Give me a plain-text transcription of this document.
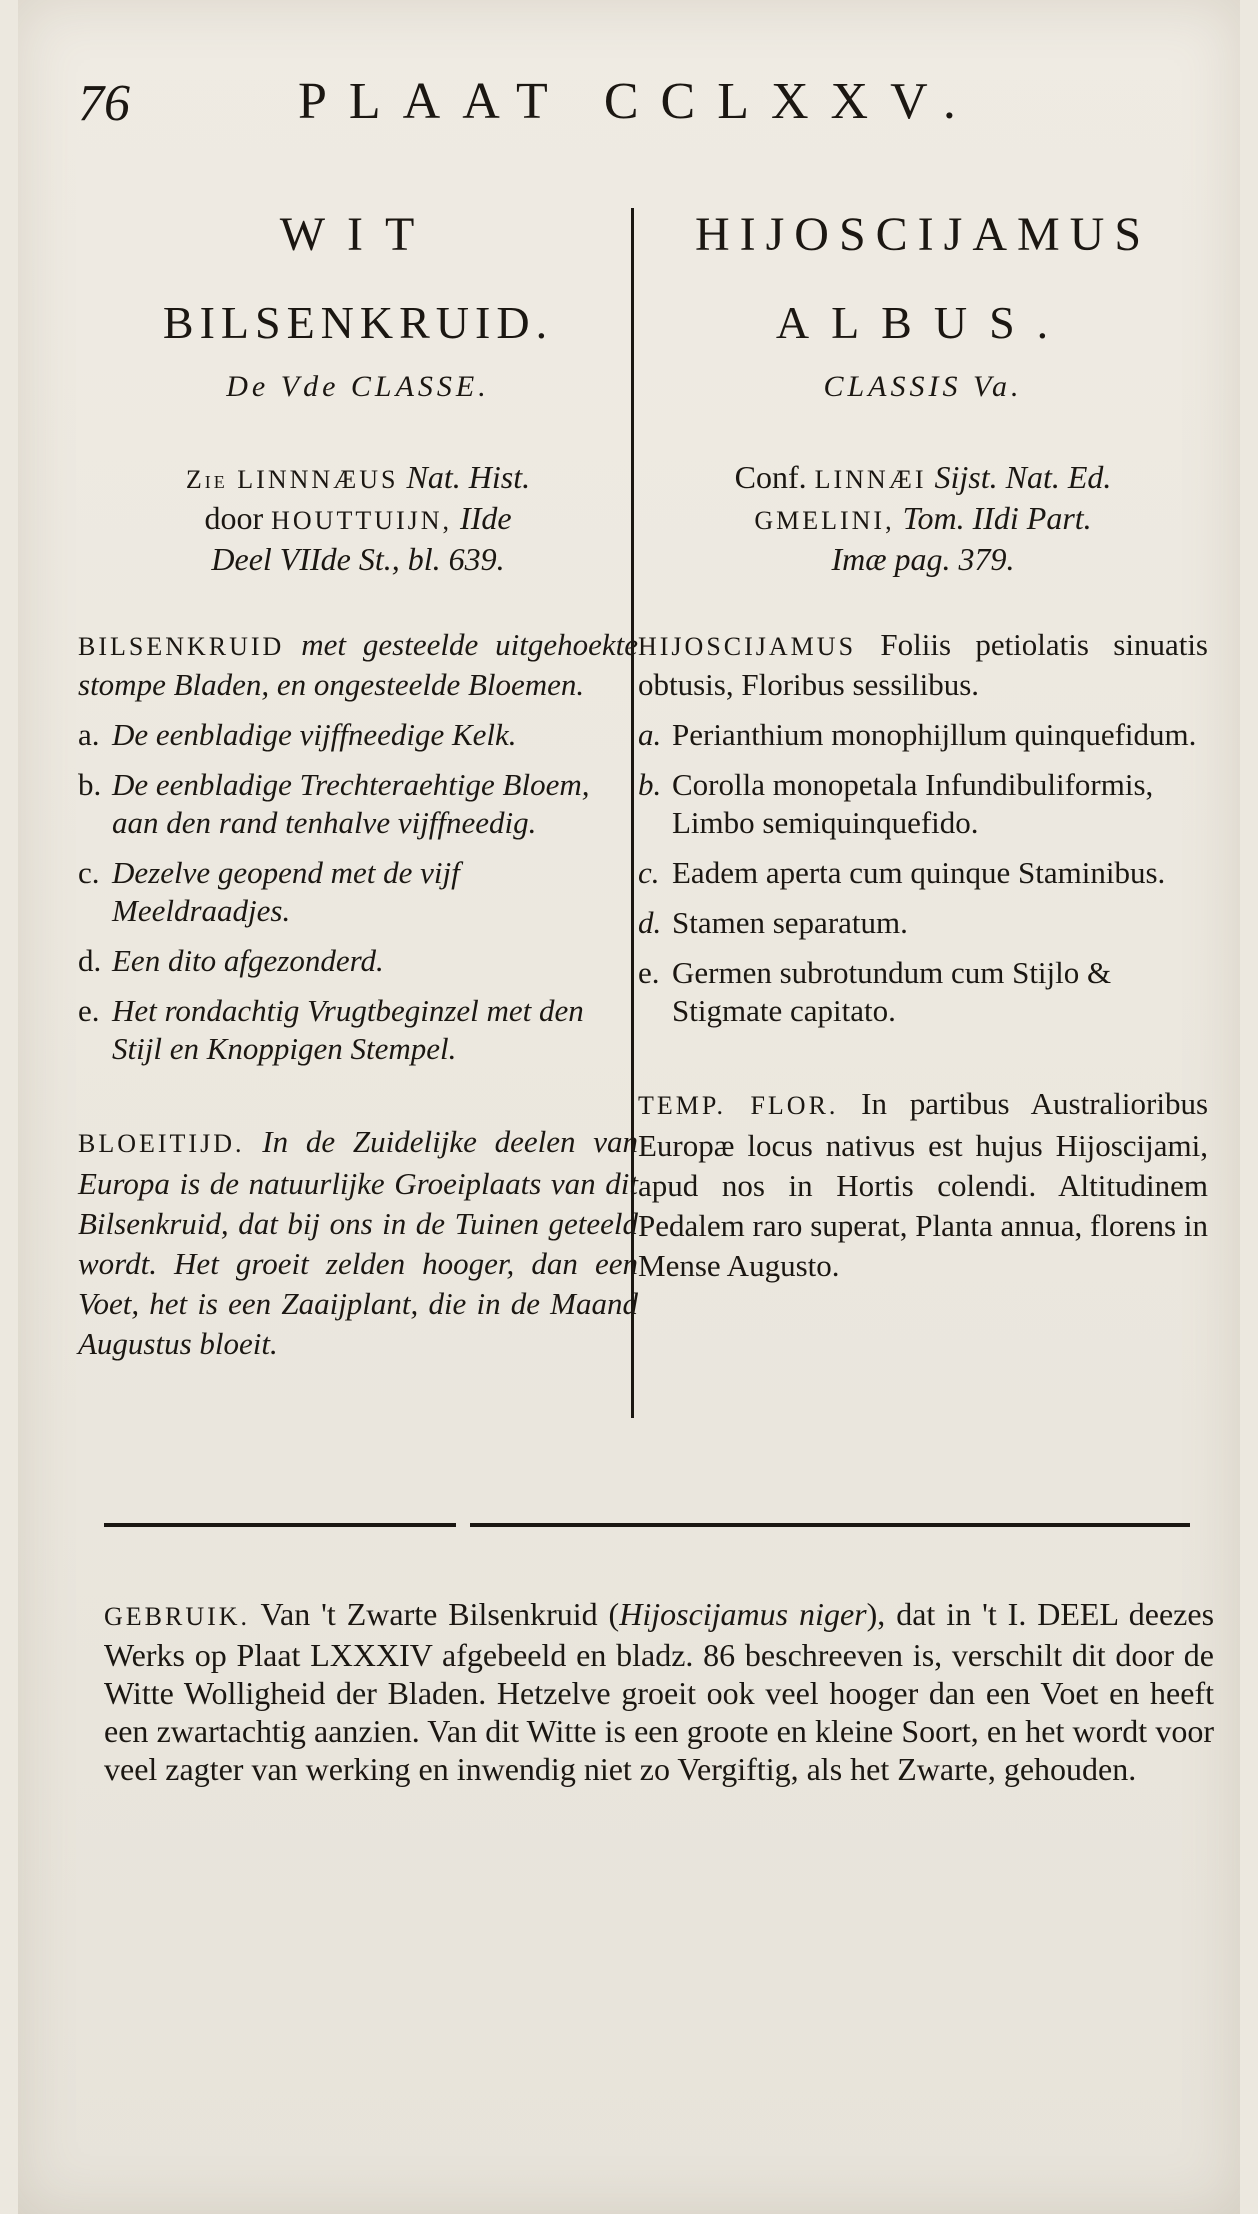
76	PLAAT CCLXXV.
WIT
BILSENKRUID.
De Vde CLASSE.
Zie LINNNÆUS Nat. Hist.
door HOUTTUIJN, IIde
Deel VIIde St., bl. 639.
BILSENKRUID met gesteelde uitgehoekte stompe Bladen, en ongesteelde Bloemen.
a. De eenbladige vijffneedige Kelk.
b. De eenbladige Trechteraehtige Bloem, aan den rand tenhalve vijffneedig.
c. Dezelve geopend met de vijf Meeldraadjes.
d. Een dito afgezonderd.
e. Het rondachtig Vrugtbeginzel met den Stijl en Knoppigen Stempel.
BLOEITIJD. In de Zuidelijke deelen van Europa is de natuurlijke Groeiplaats van dit Bilsenkruid, dat bij ons in de Tuinen geteeld wordt. Het groeit zelden hooger, dan een Voet, het is een Zaaijplant, die in de Maand Augustus bloeit.
HIJOSCIJAMUS
ALBUS.
CLASSIS Va.
Conf. LINNÆI Sijst. Nat. Ed.
GMELINI, Tom. IIdi Part.
Imæ pag. 379.
HIJOSCIJAMUS Foliis petiolatis sinuatis obtusis, Floribus sessilibus.
a. Perianthium monophijllum quinquefidum.
b. Corolla monopetala Infundibuliformis, Limbo semiquinquefido.
c. Eadem aperta cum quinque Staminibus.
d. Stamen separatum.
e. Germen subrotundum cum Stijlo & Stigmate capitato.
TEMP. FLOR. In partibus Australioribus Europæ locus nativus est hujus Hijoscijami, apud nos in Hortis colendi. Altitudinem Pedalem raro superat, Planta annua, florens in Mense Augusto.
GEBRUIK. Van 't Zwarte Bilsenkruid (Hijoscijamus niger), dat in 't I. DEEL deezes Werks op Plaat LXXXIV afgebeeld en bladz. 86 beschreeven is, verschilt dit door de Witte Wolligheid der Bladen. Hetzelve groeit ook veel hooger dan een Voet en heeft een zwartachtig aanzien. Van dit Witte is een groote en kleine Soort, en het wordt voor veel zagter van werking en inwendig niet zo Vergiftig, als het Zwarte, gehouden.
